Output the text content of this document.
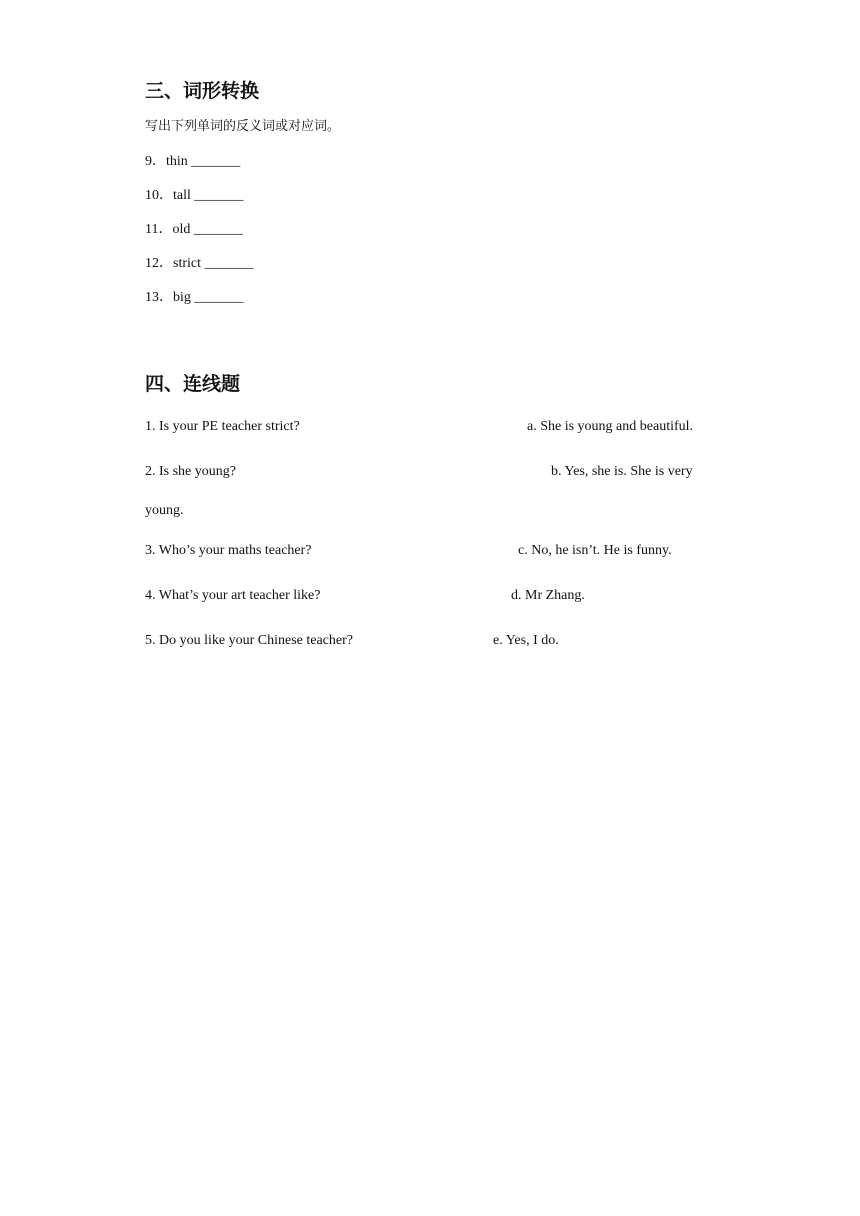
三、词形转换
写出下列单词的反义词或对应词。
9．thin _______
10．tall _______
11．old _______
12．strict _______
13．big _______
四、连线题
1. Is your PE teacher strict?	a. She is young and beautiful.
2. Is she young?	b. Yes, she is. She is very
young.
3. Who’s your maths teacher?	c. No, he isn’t. He is funny.
4. What’s your art teacher like?	d. Mr Zhang.
5. Do you like your Chinese teacher?	e. Yes, I do.
